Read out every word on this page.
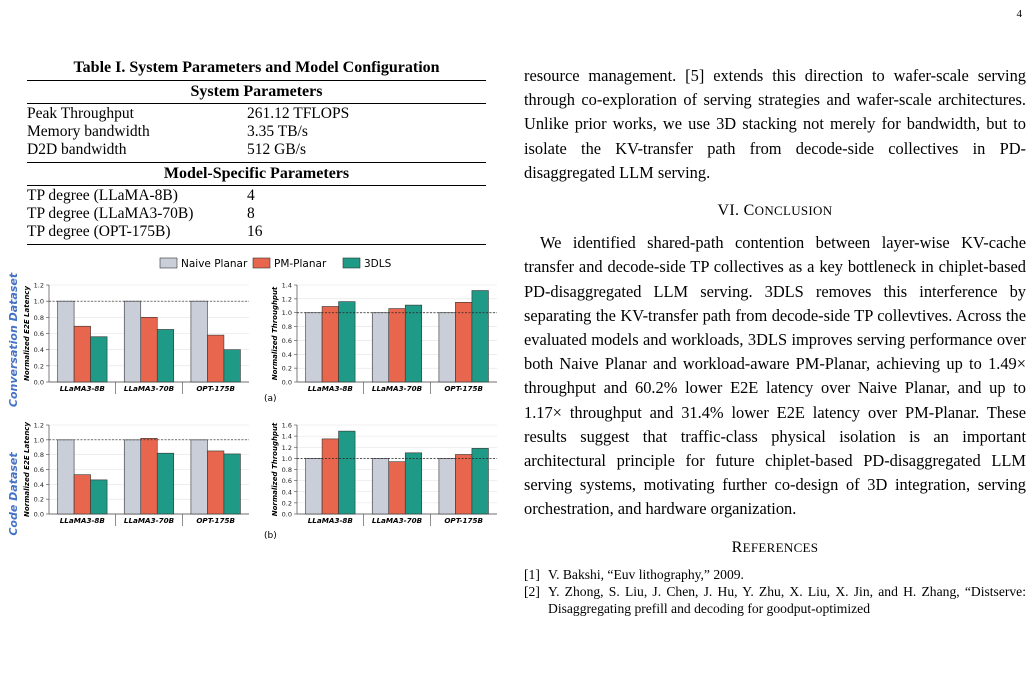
4
Table I. System Parameters and Model Configuration
System Parameters
Peak Throughput	261.12 TFLOPS
Memory bandwidth	3.35 TB/s
D2D bandwidth	512 GB/s
Model-Specific Parameters
TP degree (LLaMA-8B)	4
TP degree (LLaMA3-70B)	8
TP degree (OPT-175B)	16
Naive Planar	PM-Planar	3DLS
Conversation Dataset
Code Dataset
(a)
(b)
0.0
0.2
0.4
0.6
0.8
1.0
1.2
LLaMA3-8B	LLaMA3-70B	OPT-175B
Normalized E2E Latency
0.0
0.2
0.4
0.6
0.8
1.0
1.2
1.4
LLaMA3-8B	LLaMA3-70B	OPT-175B
Normalized Throughput
0.0
0.2
0.4
0.6
0.8
1.0
1.2
LLaMA3-8B	LLaMA3-70B	OPT-175B
Normalized E2E Latency	0.0
0.2
0.4
0.6
0.8
1.0
1.2
1.4
1.6
LLaMA3-8B	LLaMA3-70B	OPT-175B
Normalized Throughput

resource management. [5] extends this direction to wafer-scale serving through co-exploration of serving strategies and wafer-scale architectures. Unlike prior works, we use 3D stacking not merely for bandwidth, but to isolate the KV-transfer path from decode-side collectives in PD-disaggregated LLM serving.

VI. CONCLUSION

We identified shared-path contention between layer-wise KV-cache transfer and decode-side TP collectives as a key bottleneck in chiplet-based PD-disaggregated LLM serving. 3DLS removes this interference by separating the KV-transfer path from decode-side TP collevtives. Across the evaluated models and workloads, 3DLS improves serving performance over both Naive Planar and workload-aware PM-Planar, achieving up to 1.49× throughput and 60.2% lower E2E latency over Naive Planar, and up to 1.17× throughput and 31.4% lower E2E latency over PM-Planar. These results suggest that traffic-class physical isolation is an important architectural principle for future chiplet-based PD-disaggregated LLM serving systems, motivating further co-design of 3D integration, serving orchestration, and hardware organization.

REFERENCES
[1] V. Bakshi, “Euv lithography,” 2009.
[2] Y. Zhong, S. Liu, J. Chen, J. Hu, Y. Zhu, X. Liu, X. Jin, and H. Zhang, “Distserve: Disaggregating prefill and decoding for goodput-optimized
